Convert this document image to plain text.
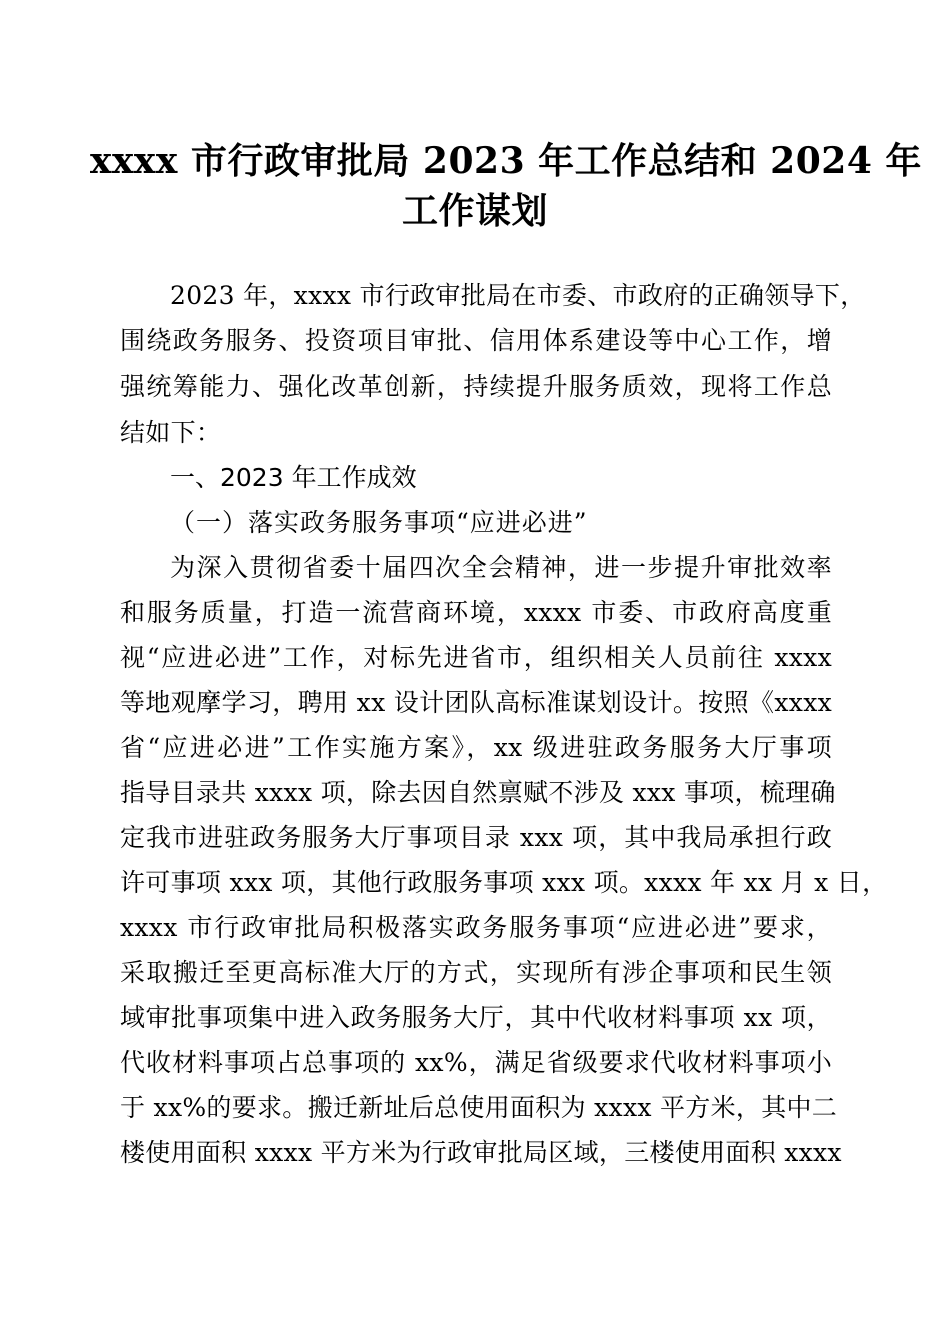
xxxx 市行政审批局 2023 年工作总结和 2024 年
工作谋划
2023 年，xxxx 市行政审批局在市委、市政府的正确领导下，
围绕政务服务、投资项目审批、信用体系建设等中心工作，增
强统筹能力、强化改革创新，持续提升服务质效，现将工作总
结如下：
一、2023 年工作成效
（一）落实政务服务事项“应进必进”
为深入贯彻省委十届四次全会精神，进一步提升审批效率
和服务质量，打造一流营商环境，xxxx 市委、市政府高度重
视“应进必进”工作，对标先进省市，组织相关人员前往 xxxx
等地观摩学习，聘用 xx 设计团队高标准谋划设计。按照《xxxx
省“应进必进”工作实施方案》，xx 级进驻政务服务大厅事项
指导目录共 xxxx 项，除去因自然禀赋不涉及 xxx 事项，梳理确
定我市进驻政务服务大厅事项目录 xxx 项，其中我局承担行政
许可事项 xxx 项，其他行政服务事项 xxx 项。xxxx 年 xx 月 x 日，
xxxx 市行政审批局积极落实政务服务事项“应进必进”要求，
采取搬迁至更高标准大厅的方式，实现所有涉企事项和民生领
域审批事项集中进入政务服务大厅，其中代收材料事项 xx 项，
代收材料事项占总事项的 xx%，满足省级要求代收材料事项小
于 xx%的要求。搬迁新址后总使用面积为 xxxx 平方米，其中二
楼使用面积 xxxx 平方米为行政审批局区域，三楼使用面积 xxxx
